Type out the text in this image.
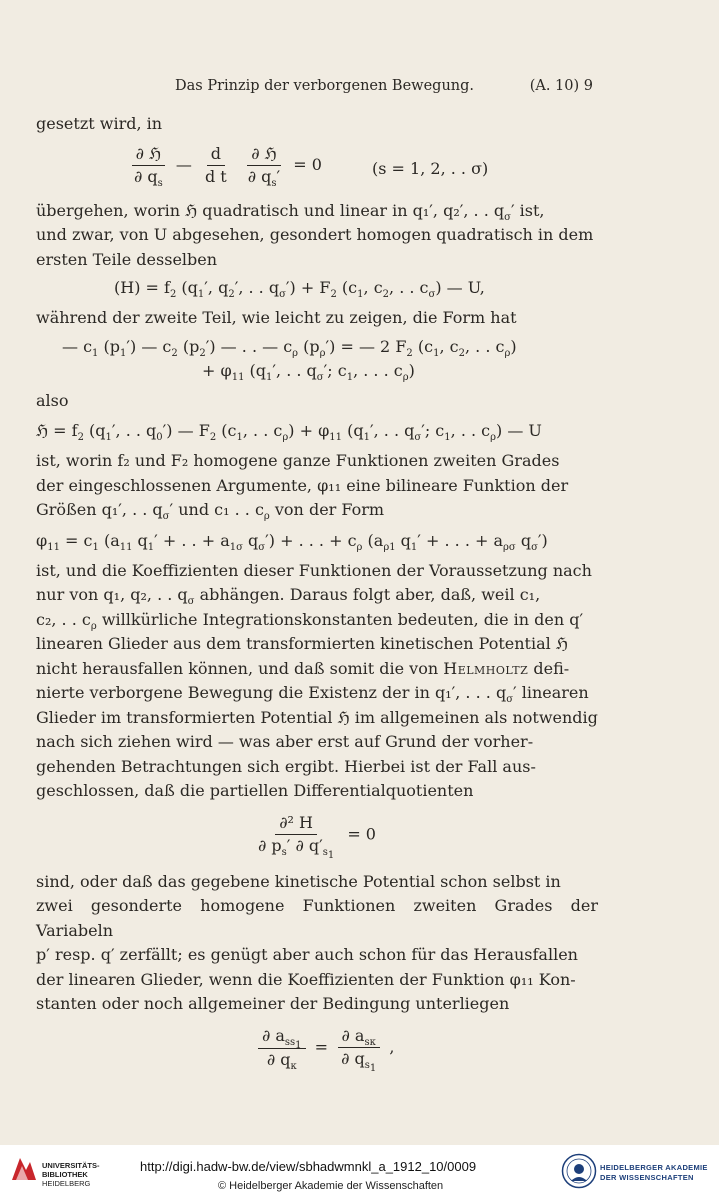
Das Prinzip der verborgenen Bewegung.	(A. 10) 9

gesetzt wird, in

$\frac{\text{∂ ℌ}}{\partial q_s}$ — $\frac{d}{\text{d t}}$
$\frac{\text{∂ ℌ}}{\partial q_s'} = 0$	(s = 1, 2, . . σ)

übergehen, worin ℌ quadratisch und linear in q₁′, q₂′, . . $q_\sigma'$ ist,
und zwar, von U abgesehen, gesondert homogen quadratisch in dem
ersten Teile desselben

$(H) = f_2$ ($q_1'$, $q_2'$, . . $q_\sigma') + F_2$ ($c_1$, $c_2$, . . $c_\sigma$) — U,

während der zweite Teil, wie leicht zu zeigen, die Form hat

— $c_1$ $(p_1')$ — $c_2$ $(p_2')$ — . . — $c_\rho$ $(p_\rho')$ = — 2 $F_2$ ($c_1$, $c_2$, . . $c_\rho$)
+ $\varphi_{11}$ ($q_1'$, . . $q_\sigma'$; $c_1$, . . . $c_\rho$)

also

ℌ = $f_2$ ($q_1'$, . . $q_0'$) — $F_2$ ($c_1$, . . $c_\rho) + \varphi_{11}$ ($q_1'$, . . $q_\sigma'$; $c_1$, . . $c_\rho$) — U

ist, worin f₂ und F₂ homogene ganze Funktionen zweiten Grades
der eingeschlossenen Argumente, φ₁₁ eine bilineare Funktion der
Größen q₁′, . . $q_\sigma'$ und c₁ . . $c_\rho$ von der Form

$\varphi_{11} = c_1$ ($a_{11}$ $q_1'$ + . . + $a_{1\sigma}$ $q_\sigma'$) + . . . + $c_\rho$ ($a_{\rho 1}$ $q_1'$ + . . . + $a_{\rho\sigma}$ $q_\sigma'$)

ist, und die Koeffizienten dieser Funktionen der Voraussetzung nach
nur von q₁, q₂, . . $q_\sigma$ abhängen. Daraus folgt aber, daß, weil c₁,
c₂, . . $c_\rho$ willkürliche Integrationskonstanten bedeuten, die in den q′
linearen Glieder aus dem transformierten kinetischen Potential ℌ
nicht herausfallen können, und daß somit die von Helmholtz defi-
nierte verborgene Bewegung die Existenz der in q₁′, . . . $q_\sigma'$ linearen
Glieder im transformierten Potential ℌ im allgemeinen als notwendig
nach sich ziehen wird — was aber erst auf Grund der vorher-
gehenden Betrachtungen sich ergibt. Hierbei ist der Fall aus-
geschlossen, daß die partiellen Differentialquotienten

$\frac{\text{∂² H}}{\partial p_s' \partial q'_{s_1}} = 0$

sind, oder daß das gegebene kinetische Potential schon selbst in
zwei gesonderte homogene Funktionen zweiten Grades der Variabeln
p′ resp. q′ zerfällt; es genügt aber auch schon für das Herausfallen
der linearen Glieder, wenn die Koeffizienten der Funktion φ₁₁ Kon-
stanten oder noch allgemeiner der Bedingung unterliegen

$\frac{\partial a_{ss_1}}{\partial q_\kappa} = \frac{\partial a_{s\kappa}}{\partial q_{s_1}}$ ,
UNIVERSITÄTS-
BIBLIOTHEK
HEIDELBERG
http://digi.hadw-bw.de/view/sbhadwmnkl_a_1912_10/0009
© Heidelberger Akademie der Wissenschaften
HEIDELBERGER AKADEMIE
DER WISSENSCHAFTEN
